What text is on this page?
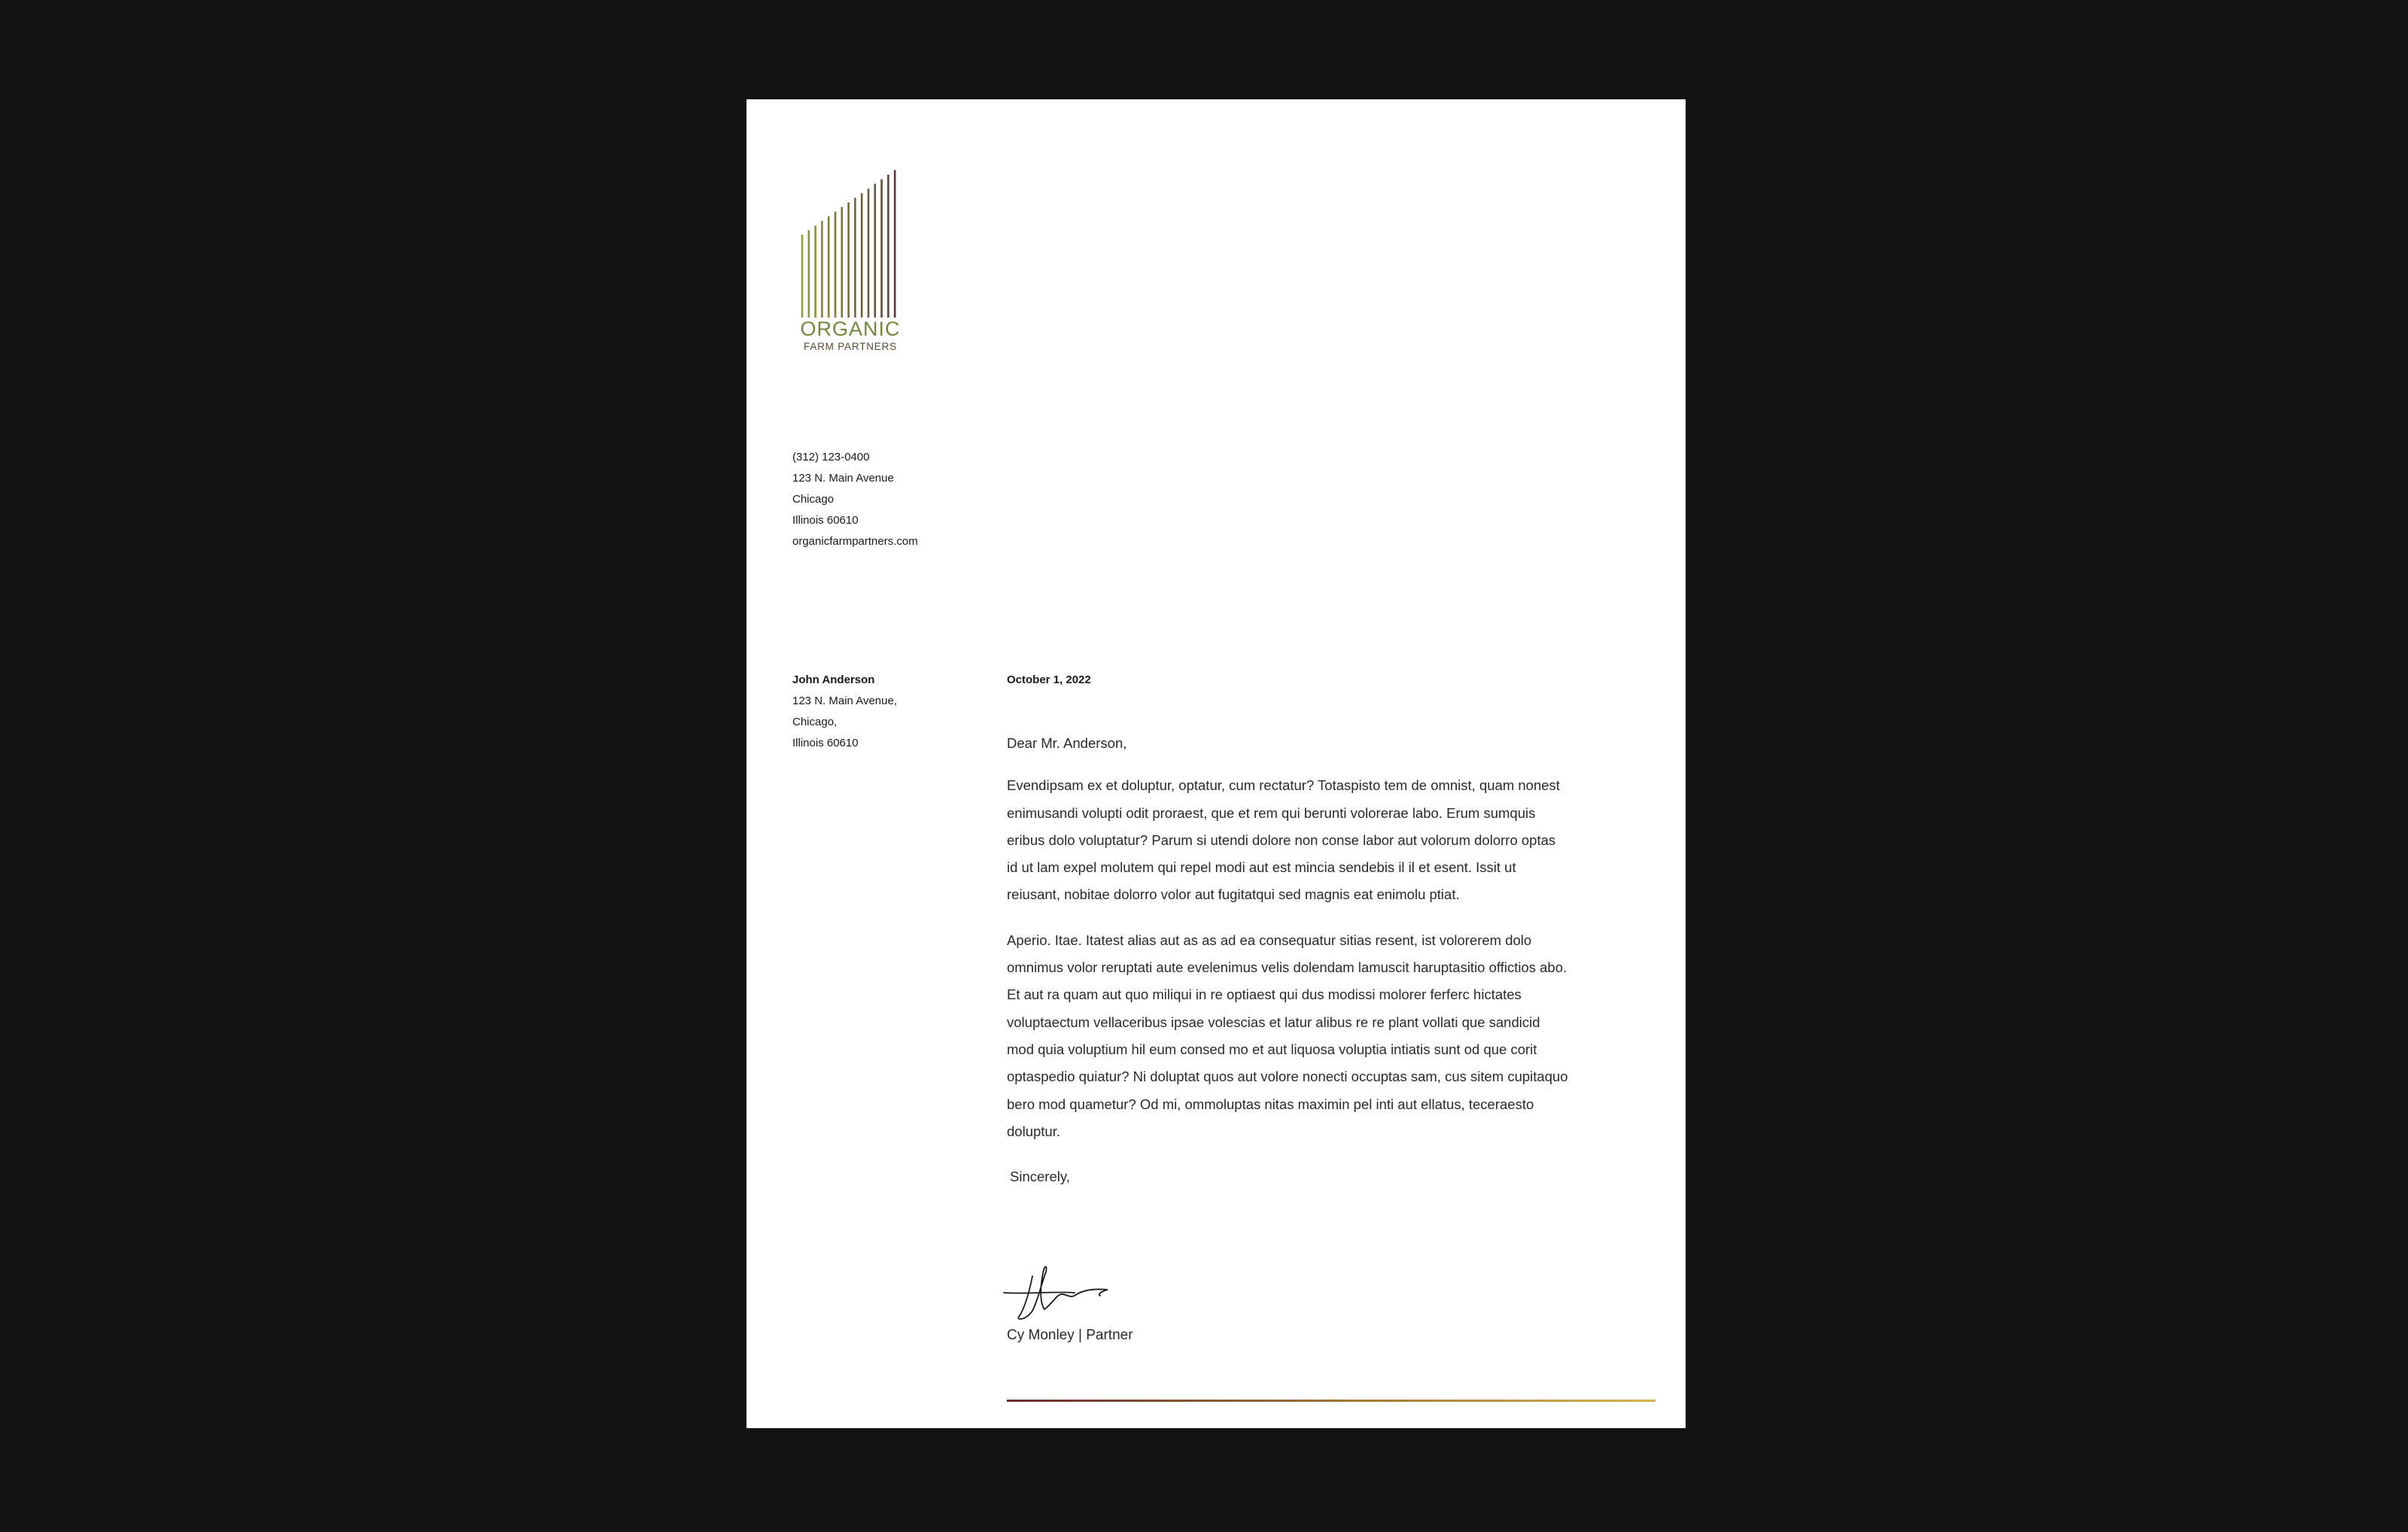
ORGANIC
FARM PARTNERS
(312) 123-0400
123 N. Main Avenue
Chicago
Illinois 60610
organicfarmpartners.com
John Anderson
123 N. Main Avenue,
Chicago,
Illinois 60610
October 1, 2022

Dear Mr. Anderson,

Evendipsam ex et doluptur, optatur, cum rectatur? Totaspisto tem de omnist, quam nonest enimusandi volupti odit proraest, que et rem qui berunti volorerae labo. Erum sumquis eribus dolo voluptatur? Parum si utendi dolore non conse labor aut volorum dolorro optas id ut lam expel molutem qui repel modi aut est mincia sendebis il il et esent. Issit ut reiusant, nobitae dolorro volor aut fugitatqui sed magnis eat enimolu ptiat.

Aperio. Itae. Itatest alias aut as as ad ea consequatur sitias resent, ist volorerem dolo omnimus volor reruptati aute evelenimus velis dolendam lamuscit haruptasitio offictios abo. Et aut ra quam aut quo miliqui in re optiaest qui dus modissi molorer ferferc hictates voluptaectum vellaceribus ipsae volescias et latur alibus re re plant vollati que sandicid mod quia voluptium hil eum consed mo et aut liquosa voluptia intiatis sunt od que corit optaspedio quiatur? Ni doluptat quos aut volore nonecti occuptas sam, cus sitem cupitaquo bero mod quametur? Od mi, ommoluptas nitas maximin pel inti aut ellatus, teceraesto doluptur.

Sincerely,

Cy Monley | Partner
